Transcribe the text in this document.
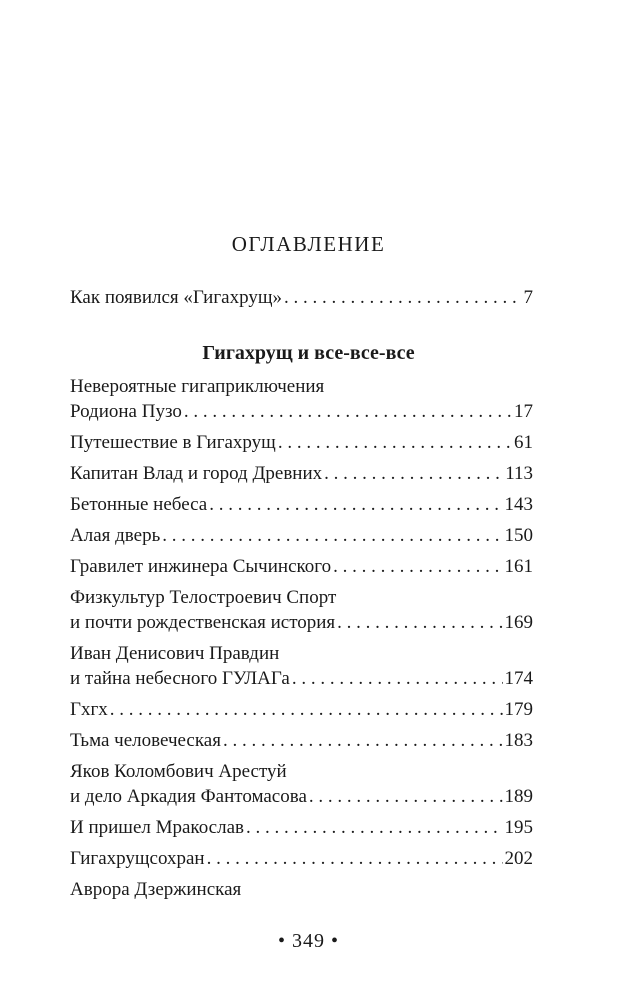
ОГЛАВЛЕНИЕ
Как появился «Гигахрущ» . . .	7
Гигахрущ и все-все-все
Невероятные гигаприключения
Родиона Пузо . . .	17
Путешествие в Гигахрущ . . .	61
Капитан Влад и город Древних . . .	113
Бетонные небеса . . .	143
Алая дверь . . .	150
Гравилет инжинера Сычинского . . .	161
Физкультур Телостроевич Спорт
и почти рождественская история . . .	169
Иван Денисович Правдин
и тайна небесного ГУЛАГа . . .	174
Гхгх . . .	179
Тьма человеческая . . .	183
Яков Коломбович Арестуй
и дело Аркадия Фантомасова . . .	189
И пришел Мракослав . . .	195
Гигахрущсохран . . .	202
Аврора Дзержинская
• 349 •
